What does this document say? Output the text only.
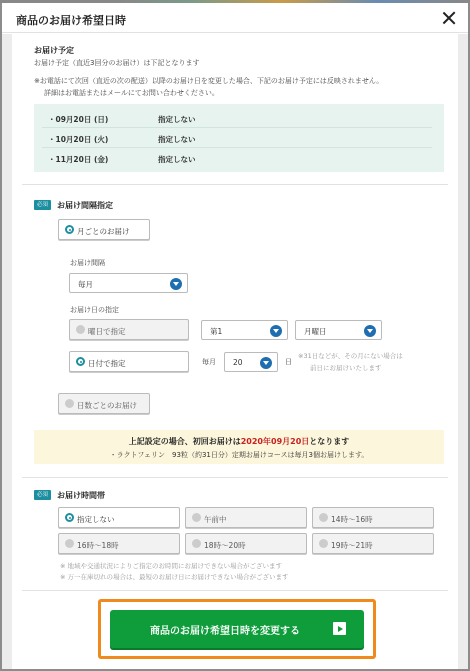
商品のお届け希望日時
お届け予定
お届け予定（直近3回分のお届け）は下記となります
※お電話にて次回（直近の次の配送）以降のお届け日を変更した場合、下記のお届け予定には反映されません。
詳細はお電話またはメールにてお問い合わせください。
・09月20日 (日)	指定しない
・10月20日 (火)	指定しない
・11月20日 (金)	指定しない
必須	お届け間隔指定
月ごとのお届け
お届け間隔
毎月
お届け日の指定
曜日で指定	第1	月曜日
日付で指定	毎月 20	日
※31日などが、その月にない場合は
前日にお届けいたします
日数ごとのお届け
上記設定の場合、初回お届けは2020年09月20日となります
・ラクトフェリン　93粒（約31日分）定期お届けコースは毎月3個お届けします。
必須	お届け時間帯
指定しない	午前中	14時～16時
16時～18時	18時～20時	19時～21時
※ 地域や交通状況によりご指定のお時間にお届けできない場合がございます
※ 万一在庫切れの場合は、最短のお届け日にお届けできない場合がございます
商品のお届け希望日時を変更する
